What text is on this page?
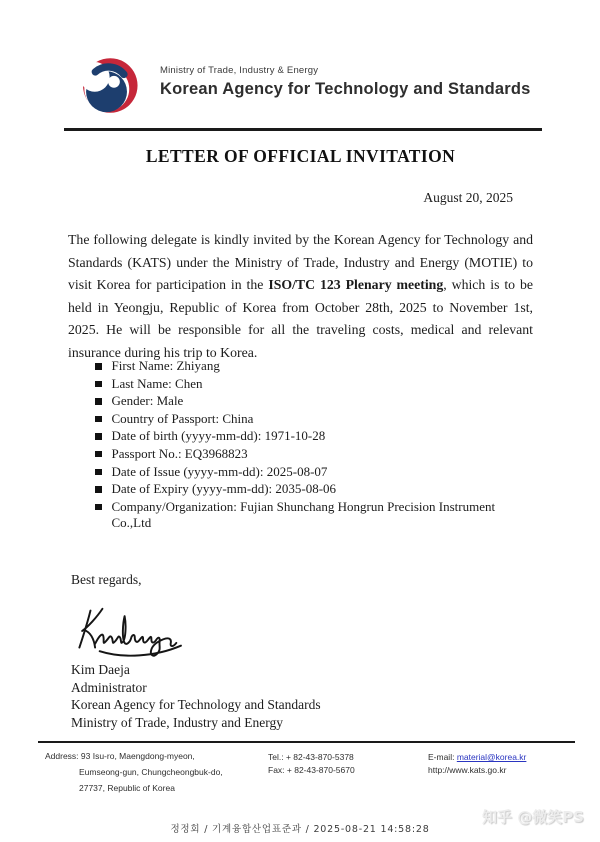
Ministry of Trade, Industry & Energy
Korean Agency for Technology and Standards
LETTER OF OFFICIAL INVITATION
August 20, 2025

The following delegate is kindly invited by the Korean Agency for Technology and Standards (KATS) under the Ministry of Trade, Industry and Energy (MOTIE) to visit Korea for participation in the ISO/TC 123 Plenary meeting, which is to be held in Yeongju, Republic of Korea from October 28th, 2025 to November 1st, 2025. He will be responsible for all the traveling costs, medical and relevant insurance during his trip to Korea.

First Name: Zhiyang
Last Name: Chen
Gender: Male
Country of Passport: China
Date of birth (yyyy-mm-dd): 1971-10-28
Passport No.: EQ3968823
Date of Issue (yyyy-mm-dd): 2025-08-07
Date of Expiry (yyyy-mm-dd): 2035-08-06
Company/Organization: Fujian Shunchang Hongrun Precision Instrument Co.,Ltd
Best regards,
Kim Daeja
Administrator
Korean Agency for Technology and Standards
Ministry of Trade, Industry and Energy
Address: 93 Isu-ro, Maengdong-myeon,
Eumseong-gun, Chungcheongbuk-do,
27737, Republic of Korea
Tel.: + 82-43-870-5378
Fax: + 82-43-870-5670
E-mail: material@korea.kr
http://www.kats.go.kr
정정회 / 기계융합산업표준과 / 2025-08-21 14:58:28
知乎 @微笑PS
